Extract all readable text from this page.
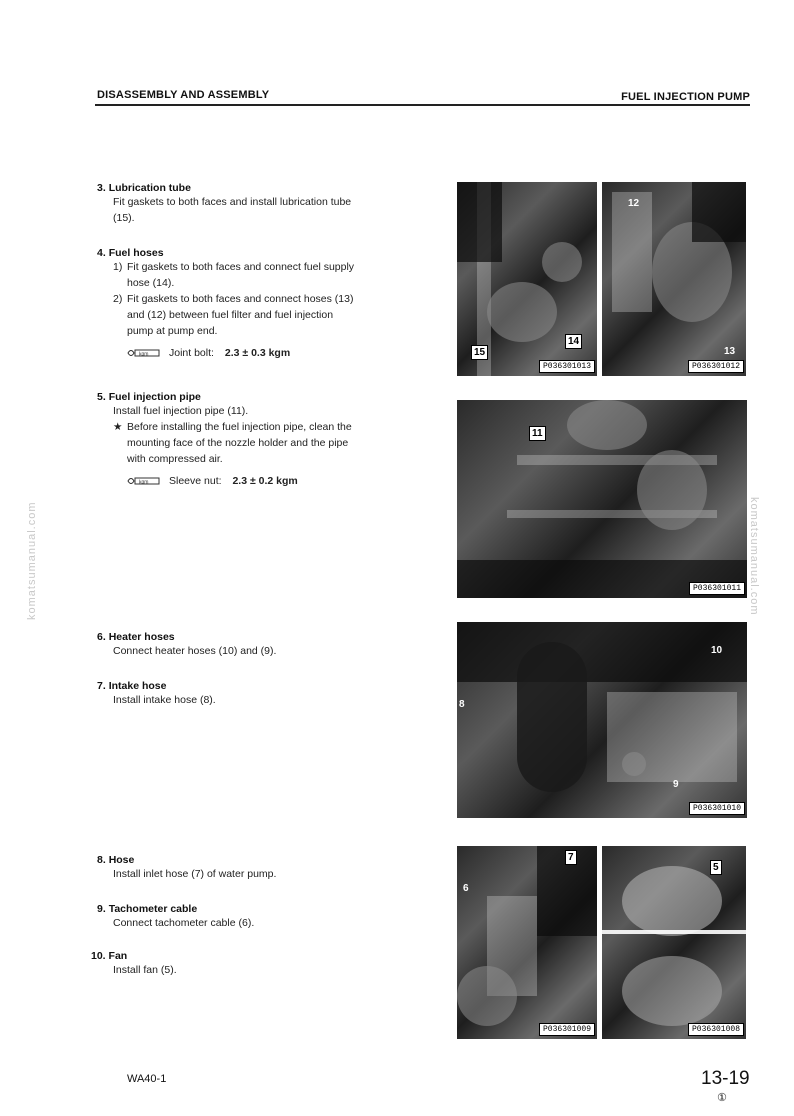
DISASSEMBLY AND ASSEMBLY	FUEL INJECTION PUMP
komatsumanual.com	komatsumanual.com
3. Lubrication tube
Fit gaskets to both faces and install lubrication tube
(15).
4. Fuel hoses
1) Fit gaskets to both faces and connect fuel supply
hose (14).
2) Fit gaskets to both faces and connect hoses (13)
and (12) between fuel filter and fuel injection
pump at pump end.
kgm Joint bolt: 2.3 ± 0.3 kgm
5. Fuel injection pipe
Install fuel injection pipe (11).
★ Before installing the fuel injection pipe, clean the
mounting face of the nozzle holder and the pipe
with compressed air.
kgm Sleeve nut: 2.3 ± 0.2 kgm
6. Heater hoses
Connect heater hoses (10) and (9).
7. Intake hose
Install intake hose (8).
8. Hose
Install inlet hose (7) of water pump.
9. Tachometer cable
Connect tachometer cable (6).
10. Fan
Install fan (5).
15
14
P036301013
12
13
P036301012
11
P036301011
10
8
9
P036301010
7
6
P036301009
5
P036301008
WA40-1	13-19
①
